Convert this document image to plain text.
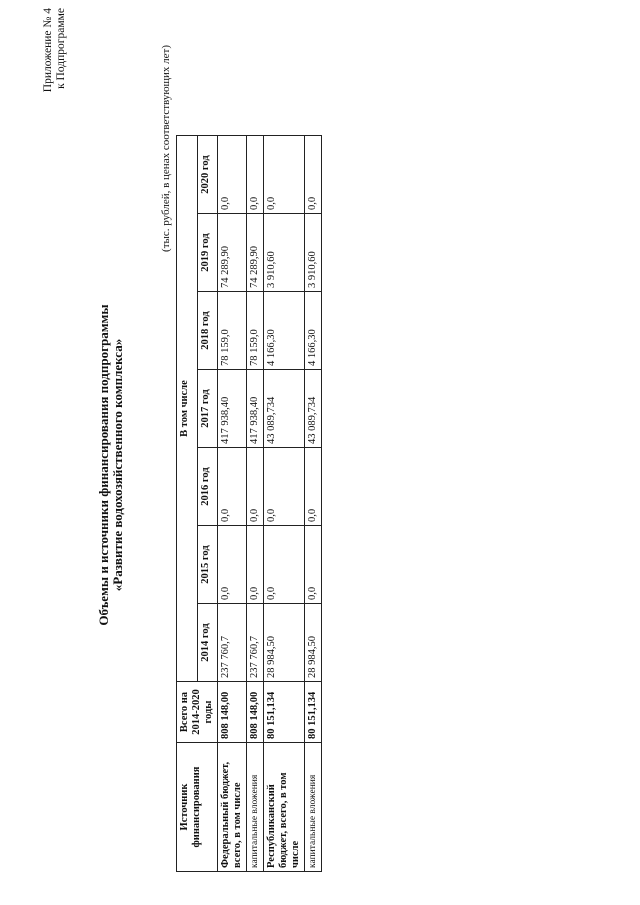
Приложение № 4 к Подпрограмме
Объемы и источники финансирования подпрограммы «Развитие водохозяйственного комплекса»
(тыс. рублей, в ценах соответствующих лет)
Источник финансирования	Всего на 2014-2020 годы	В том числе						
		2014 год	2015 год	2016 год	2017 год	2018 год	2019 год	2020 год
Федеральный бюджет, всего, в том числе	808 148,00	237 760,7	0,0	0,0	417 938,40	78 159,0	74 289,90	0,0
капитальные вложения	808 148,00	237 760,7	0,0	0,0	417 938,40	78 159,0	74 289,90	0,0
Республиканский бюджет, всего, в том числе	80 151,134	28 984,50	0,0	0,0	43 089,734	4 166,30	3 910,60	0,0
капитальные вложения	80 151,134	28 984,50	0,0	0,0	43 089,734	4 166,30	3 910,60	0,0
